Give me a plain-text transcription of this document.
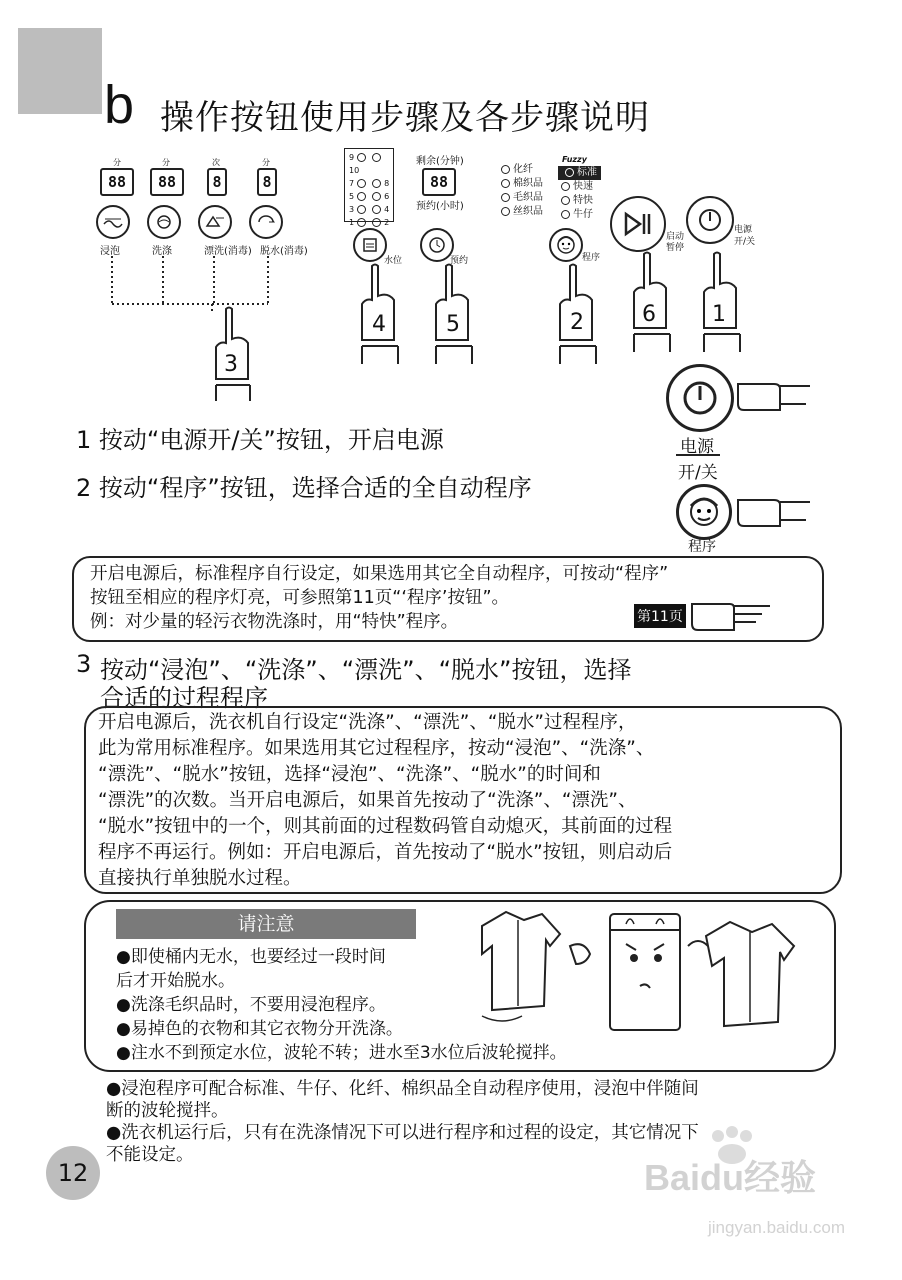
b 操作按钮使用步骤及各步骤说明
分	分	次	分
88	88	8	8
浸泡	洗涤	漂洗(消毒) 脱水(消毒)
3
910
7	8
5	6
3	4
1	2
剩余(分钟)
88
预约(小时)
水位	预约
4	5
化纤
棉织品
毛织品
丝织品
Fuzzy
标准
快速
特快
牛仔
程序
2
启动暂停
电源开/关
6	1
电源
开/关
程序
1 按动“电源开/关”按钮，开启电源
2 按动“程序”按钮，选择合适的全自动程序
开启电源后，标准程序自行设定，如果选用其它全自动程序，可按动“程序”
按钮至相应的程序灯亮，可参照第11页“‘程序’按钮”。
例：对少量的轻污衣物洗涤时，用“特快”程序。	第11页
3 按动“浸泡”、“洗涤”、“漂洗”、“脱水”按钮，选择
合适的过程程序
开启电源后，洗衣机自行设定“洗涤”、“漂洗”、“脱水”过程程序，
此为常用标准程序。如果选用其它过程程序，按动“浸泡”、“洗涤”、
“漂洗”、“脱水”按钮，选择“浸泡”、“洗涤”、“脱水”的时间和
“漂洗”的次数。当开启电源后，如果首先按动了“洗涤”、“漂洗”、
“脱水”按钮中的一个，则其前面的过程数码管自动熄灭，其前面的过程
程序不再运行。例如：开启电源后，首先按动了“脱水”按钮，则启动后
直接执行单独脱水过程。
请注意
●即使桶内无水，也要经过一段时间
后才开始脱水。
●洗涤毛织品时，不要用浸泡程序。
●易掉色的衣物和其它衣物分开洗涤。
●注水不到预定水位，波轮不转；进水至3水位后波轮搅拌。
●浸泡程序可配合标准、牛仔、化纤、棉织品全自动程序使用，浸泡中伴随间
断的波轮搅拌。
●洗衣机运行后，只有在洗涤情况下可以进行程序和过程的设定，其它情况下
不能设定。
12	Baidu经验
jingyan.baidu.com
